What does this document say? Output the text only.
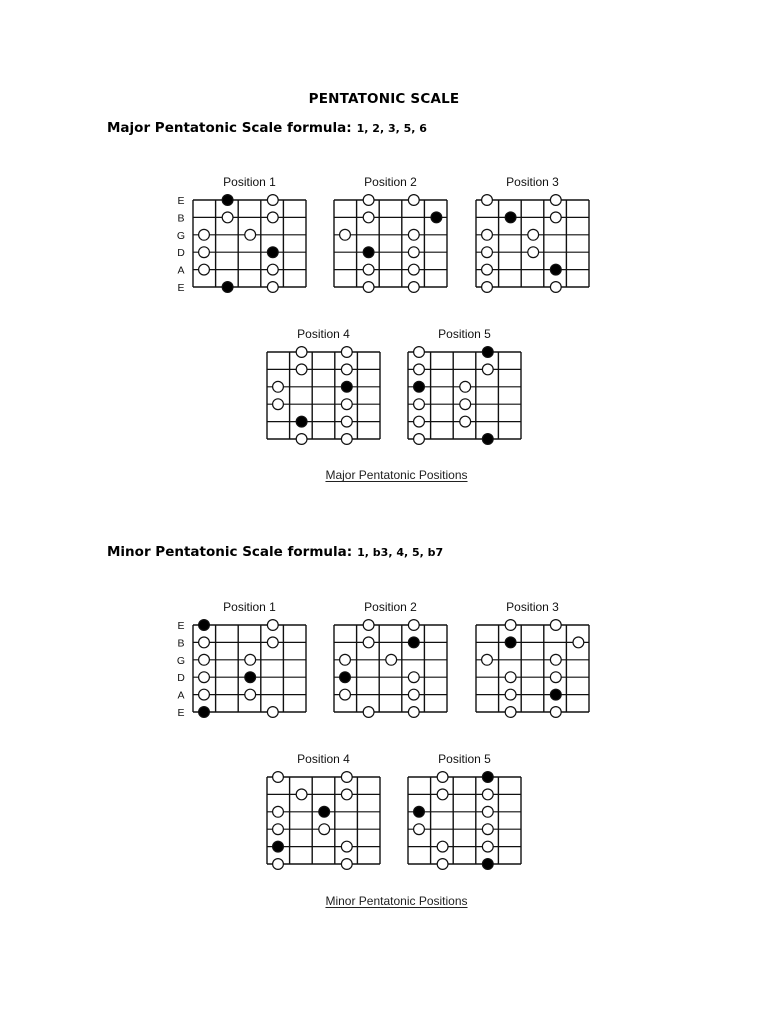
PENTATONIC SCALE
Major Pentatonic Scale formula: 1, 2, 3, 5, 6
Minor Pentatonic Scale formula: 1, b3, 4, 5, b7
Major Pentatonic Positions
Minor Pentatonic Positions
Position 1
E
B
G
D
A
E
Position 2	Position 3
Position 4	Position 5
Position 1
E
B
G
D
A
E
Position 2	Position 3
Position 4	Position 5
